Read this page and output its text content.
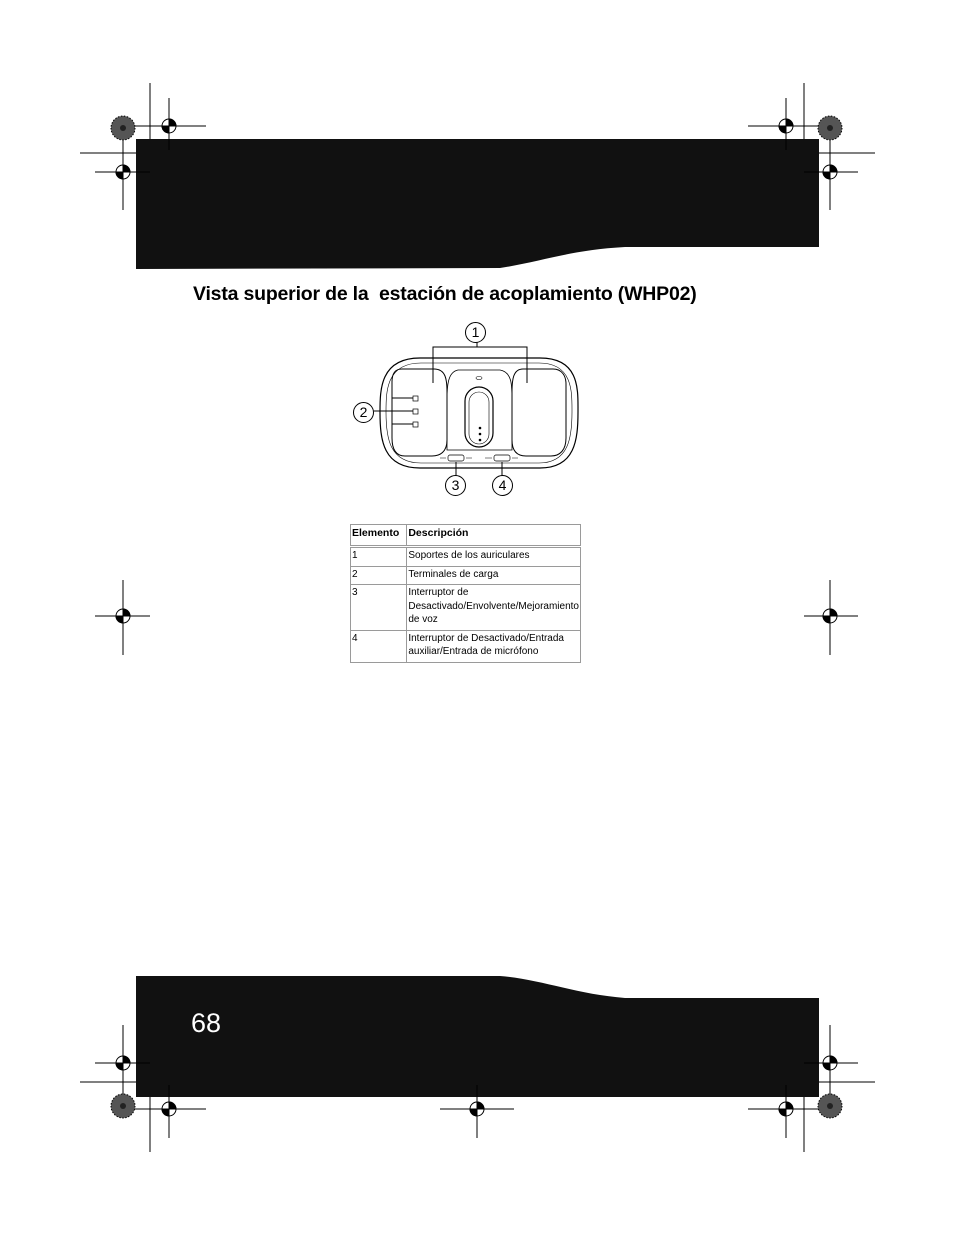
1
2
3	4
Vista superior de la  estación de acoplamiento (WHP02)
Elemento	Descripción
1	Soportes de los auriculares
2	Terminales de carga
3	Interruptor de Desactivado/Envolvente/Mejoramiento de voz
4	Interruptor de Desactivado/Entrada auxiliar/Entrada de micrófono
68
